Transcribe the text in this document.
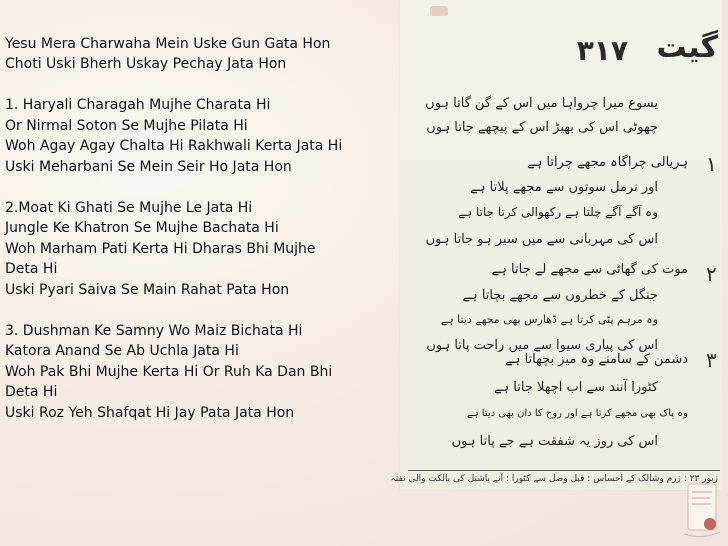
Yesu Mera Charwaha Mein Uske Gun Gata Hon
Choti Uski Bherh Uskay Pechay Jata Hon
1. Haryali Charagah Mujhe Charata Hi
Or Nirmal Soton Se Mujhe Pilata Hi
Woh Agay Agay Chalta Hi Rakhwali Kerta Jata Hi
Uski Meharbani Se Mein Seir Ho Jata Hon
2.Moat Ki Ghati Se Mujhe Le Jata Hi
Jungle Ke Khatron Se Mujhe Bachata Hi
Woh Marham Pati Kerta Hi Dharas Bhi Mujhe
Deta Hi
Uski Pyari Saiva Se Main Rahat Pata Hon
3. Dushman Ke Samny Wo Maiz Bichata Hi
Katora Anand Se Ab Uchla Jata Hi
Woh Pak Bhi Mujhe Kerta Hi Or Ruh Ka Dan Bhi
Deta Hi
Uski Roz Yeh Shafqat Hi Jay Pata Jata Hon
گیت
۳۱۷
۱
۲
۳
یسوع میرا چرواہا میں اس کے گن گاتا ہوں
چھوٹی اس کی بھیڑ اس کے پیچھے جاتا ہوں
ہریالی چراگاہ مجھے چراتا ہے
اور نرمل سوتوں سے مجھے پلاتا ہے
وہ آگے آگے چلتا ہے رکھوالی کرتا جاتا ہے
اس کی مہربانی سے میں سیر ہو جاتا ہوں
موت کی گھاٹی سے مجھے لے جاتا ہے
جنگل کے خطروں سے مجھے بچاتا ہے
وہ مرہم پٹی کرتا ہے ڈھارس بھی مجھے دیتا ہے
اس کی پیاری سیوا سے میں راحت پاتا ہوں
دشمن کے سامنے وہ میز بچھاتا ہے
کٹورا آنند سے اب اچھلا جاتا ہے
وہ پاک بھی مجھے کرتا ہے اور روح کا دان بھی دیتا ہے
اس کی روز یہ شفقت ہے جے پاتا ہوں
زبور ۲۳ : زرم وشالک کے احساس : قبل وصل سے کٹورا : آنے پاشتل کی بالکت والی نفتہ
